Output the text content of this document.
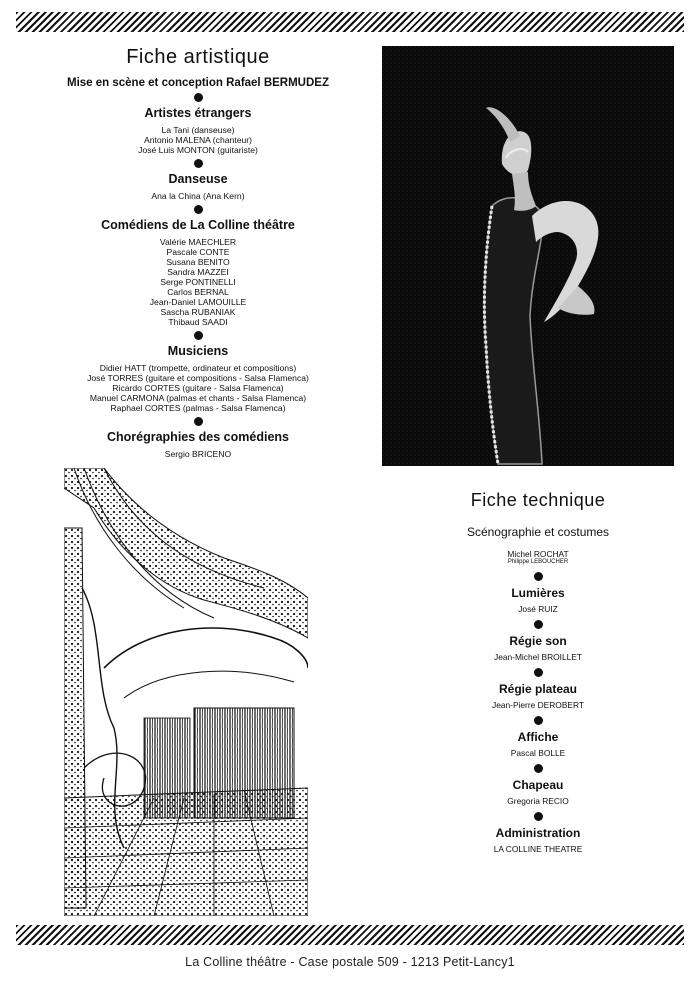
Fiche artistique
Mise en scène et conception Rafael BERMUDEZ
Artistes étrangers
La Tani (danseuse)
Antonio MALENA (chanteur)
José Luis MONTON (guitariste)
Danseuse
Ana la China (Ana Kern)
Comédiens de La Colline théâtre
Valérie MAECHLER
Pascale CONTE
Susana BENITO
Sandra MAZZEI
Serge PONTINELLI
Carlos BERNAL
Jean-Daniel LAMOUILLE
Sascha RUBANIAK
Thibaud SAADI
Musiciens
Didier HATT (trompette, ordinateur et compositions)
José TORRES (guitare et compositions - Salsa Flamenca)
Ricardo CORTES (guitare - Salsa Flamenca)
Manuel CARMONA (palmas et chants - Salsa Flamenca)
Raphael CORTES (palmas - Salsa Flamenca)
Chorégraphies des comédiens
Sergio BRICENO
Fiche technique
Scénographie et costumes
Michel ROCHAT
Philippe LEBOUCHER
Lumières
José RUIZ
Régie son
Jean-Michel BROILLET
Régie plateau
Jean-Pierre DEROBERT
Affiche
Pascal BOLLE
Chapeau
Gregoria RECIO
Administration
LA COLLINE THEATRE
La Colline théâtre - Case postale 509 - 1213 Petit-Lancy1
